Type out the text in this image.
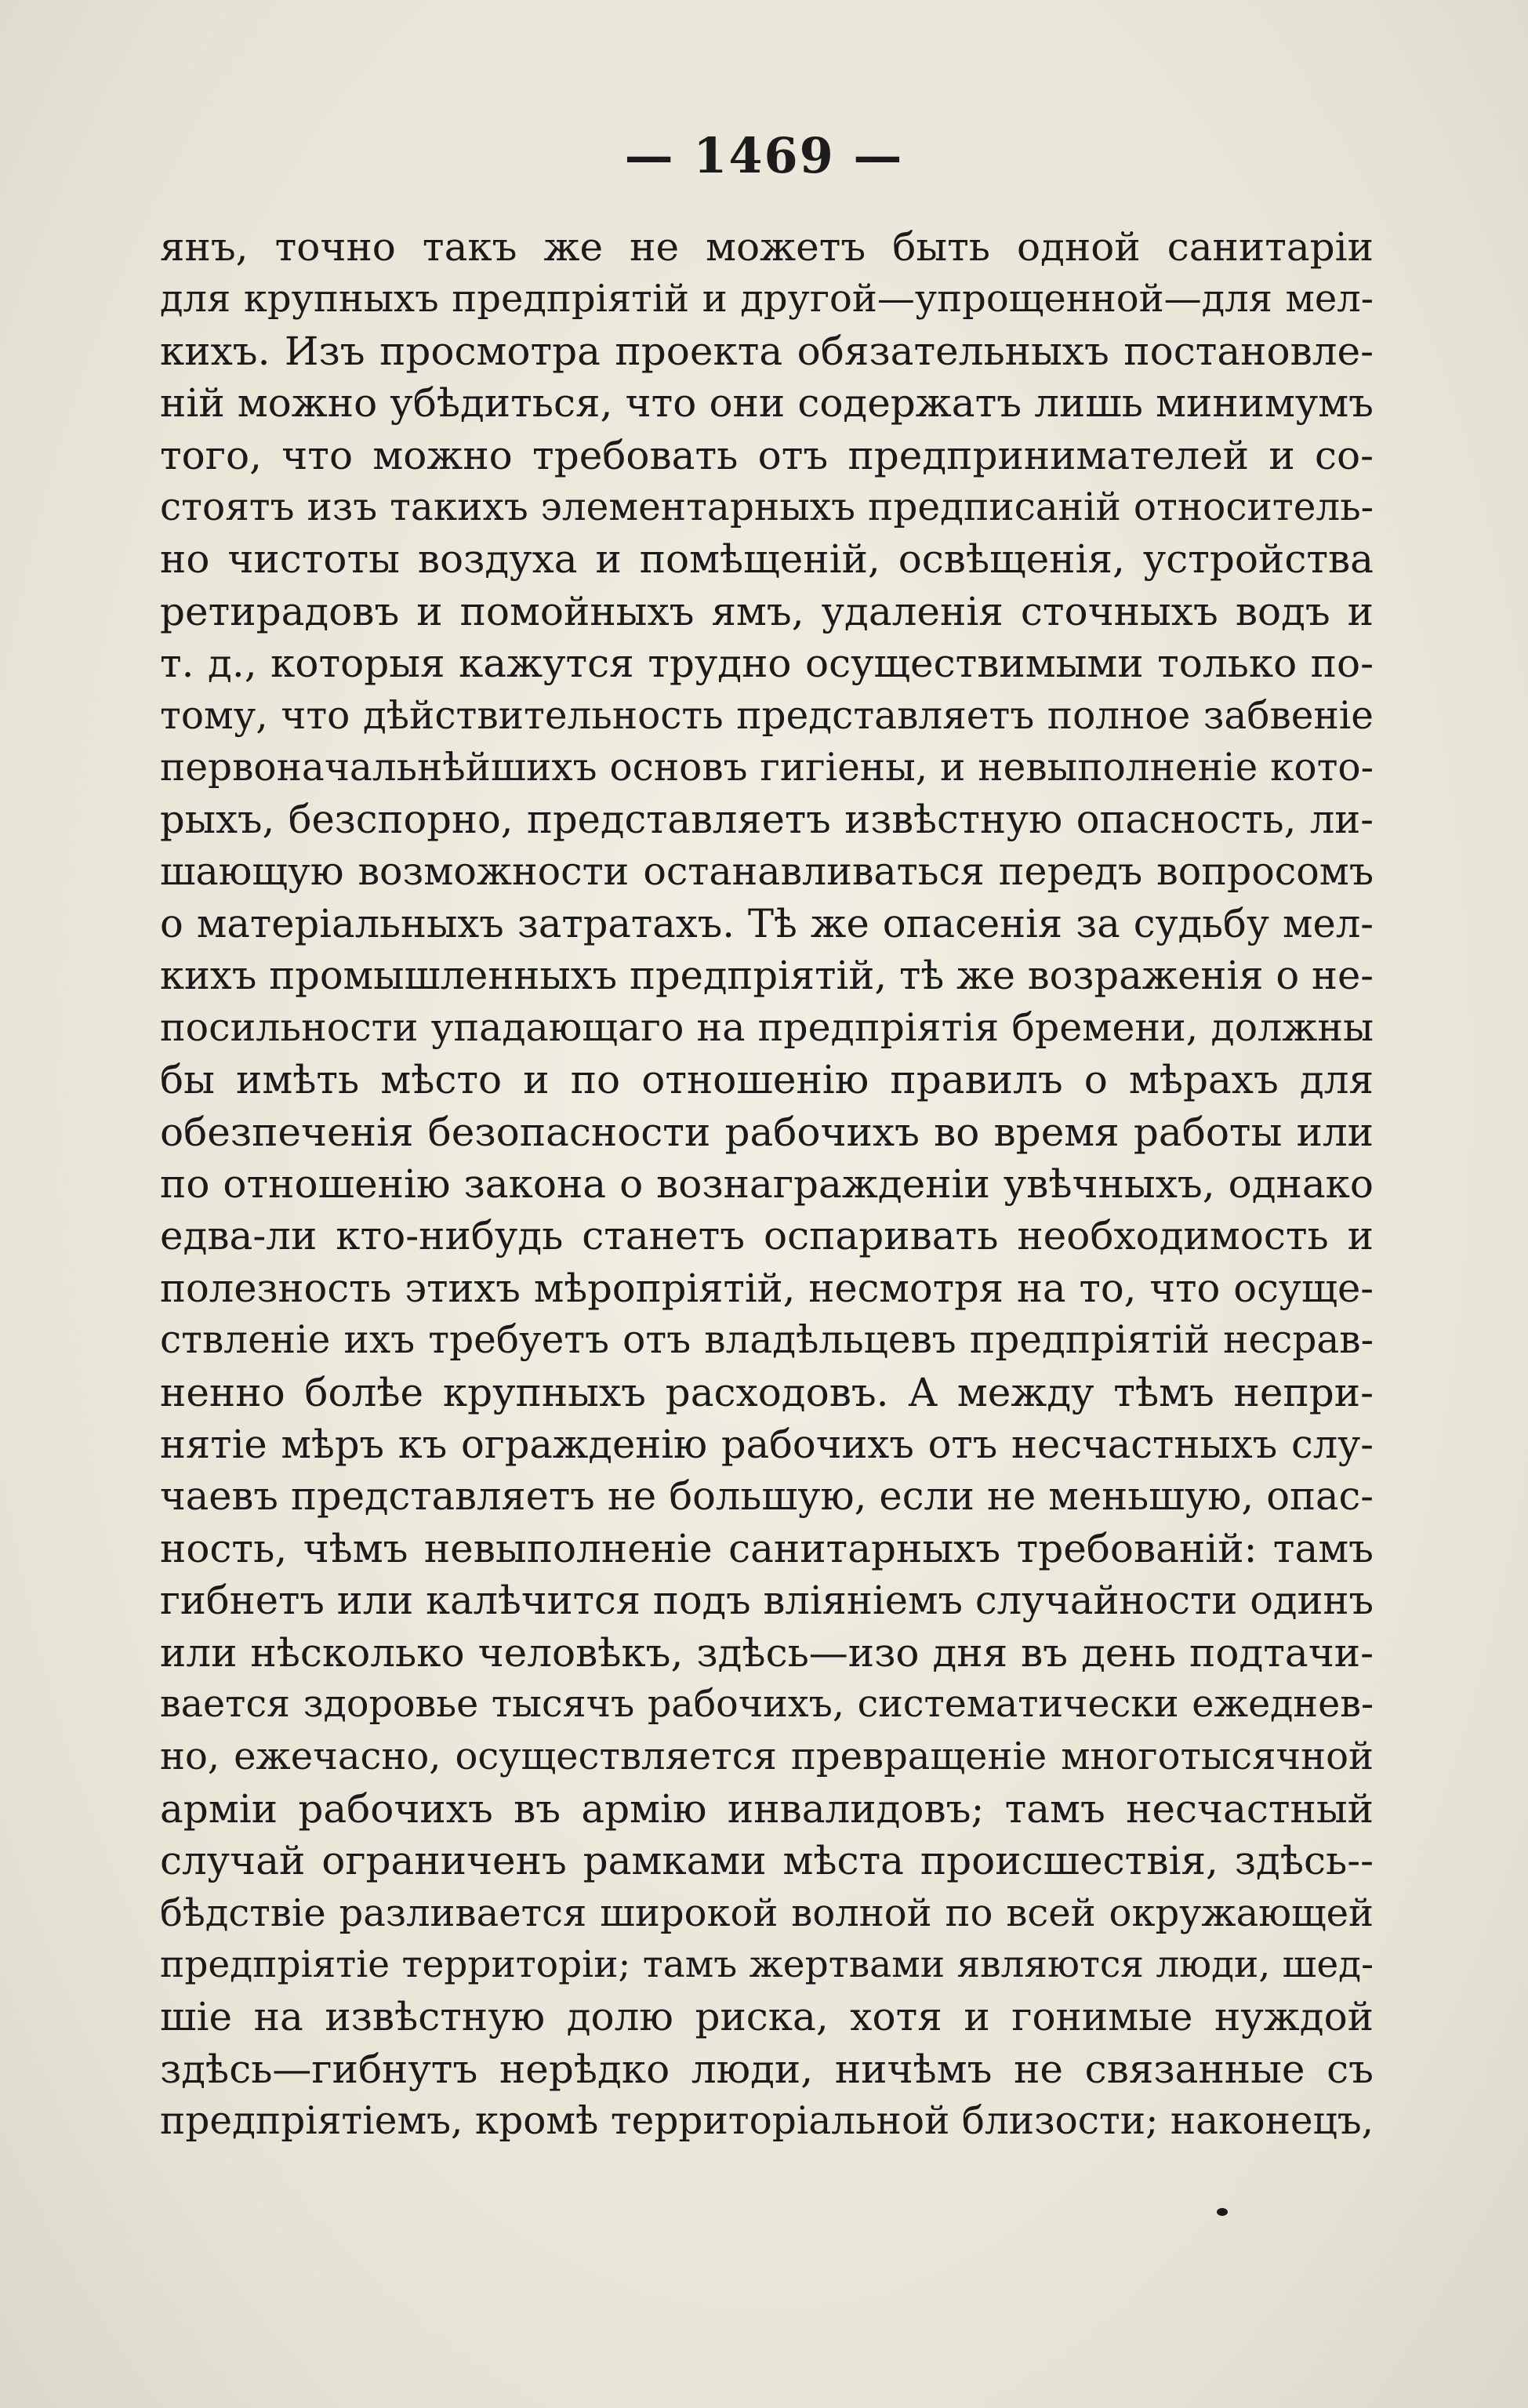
— 1469 —
янъ, точно такъ же не можетъ быть одной санитаріи
для крупныхъ предпріятій и другой—упрощенной—для мел-
кихъ. Изъ просмотра проекта обязательныхъ постановле-
ній можно убѣдиться, что они содержатъ лишь минимумъ
того, что можно требовать отъ предпринимателей и со-
стоятъ изъ такихъ элементарныхъ предписаній относитель-
но чистоты воздуха и помѣщеній, освѣщенія, устройства
ретирадовъ и помойныхъ ямъ, удаленія сточныхъ водъ и
т. д., которыя кажутся трудно осуществимыми только по-
тому, что дѣйствительность представляетъ полное забвеніе
первоначальнѣйшихъ основъ гигіены, и невыполненіе кото-
рыхъ, безспорно, представляетъ извѣстную опасность, ли-
шающую возможности останавливаться передъ вопросомъ
о матеріальныхъ затратахъ. Тѣ же опасенія за судьбу мел-
кихъ промышленныхъ предпріятій, тѣ же возраженія о не-
посильности упадающаго на предпріятія бремени, должны
бы имѣть мѣсто и по отношенію правилъ о мѣрахъ для
обезпеченія безопасности рабочихъ во время работы или
по отношенію закона о вознагражденіи увѣчныхъ, однако
едва-ли кто-нибудь станетъ оспаривать необходимость и
полезность этихъ мѣропріятій, несмотря на то, что осуще-
ствленіе ихъ требуетъ отъ владѣльцевъ предпріятій несрав-
ненно болѣе крупныхъ расходовъ. А между тѣмъ непри-
нятіе мѣръ къ огражденію рабочихъ отъ несчастныхъ слу-
чаевъ представляетъ не большую, если не меньшую, опас-
ность, чѣмъ невыполненіе санитарныхъ требованій: тамъ
гибнетъ или калѣчится подъ вліяніемъ случайности одинъ
или нѣсколько человѣкъ, здѣсь—изо дня въ день подтачи-
вается здоровье тысячъ рабочихъ, систематически ежеднев-
но, ежечасно, осуществляется превращеніе многотысячной
арміи рабочихъ въ армію инвалидовъ; тамъ несчастный
случай ограниченъ рамками мѣста происшествія, здѣсь--
бѣдствіе разливается широкой волной по всей окружающей
предпріятіе территоріи; тамъ жертвами являются люди, шед-
шіе на извѣстную долю риска, хотя и гонимые нуждой
здѣсь—гибнутъ нерѣдко люди, ничѣмъ не связанные съ
предпріятіемъ, кромѣ территоріальной близости; наконецъ,
